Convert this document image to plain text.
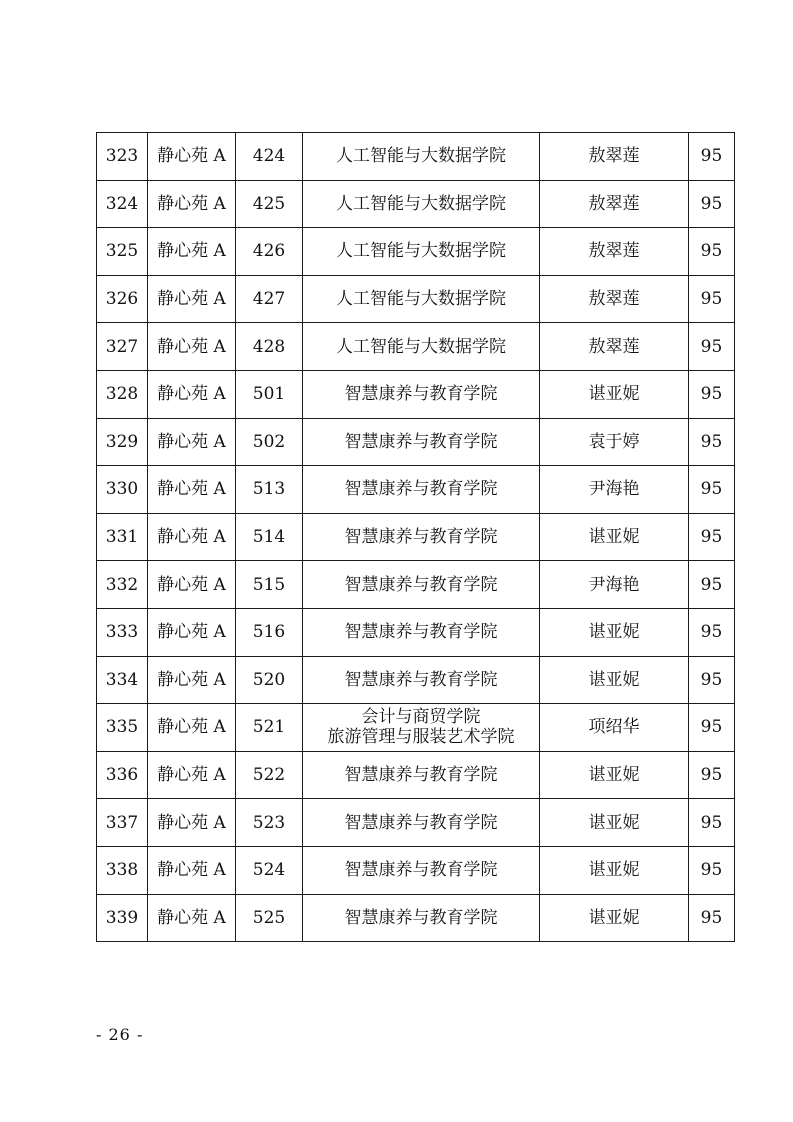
323	静心苑 A	424	人工智能与大数据学院	敖翠莲	95
324	静心苑 A	425	人工智能与大数据学院	敖翠莲	95
325	静心苑 A	426	人工智能与大数据学院	敖翠莲	95
326	静心苑 A	427	人工智能与大数据学院	敖翠莲	95
327	静心苑 A	428	人工智能与大数据学院	敖翠莲	95
328	静心苑 A	501	智慧康养与教育学院	谌亚妮	95
329	静心苑 A	502	智慧康养与教育学院	袁于婷	95
330	静心苑 A	513	智慧康养与教育学院	尹海艳	95
331	静心苑 A	514	智慧康养与教育学院	谌亚妮	95
332	静心苑 A	515	智慧康养与教育学院	尹海艳	95
333	静心苑 A	516	智慧康养与教育学院	谌亚妮	95
334	静心苑 A	520	智慧康养与教育学院	谌亚妮	95
335	静心苑 A	521	会计与商贸学院
旅游管理与服装艺术学院	项绍华	95
336	静心苑 A	522	智慧康养与教育学院	谌亚妮	95
337	静心苑 A	523	智慧康养与教育学院	谌亚妮	95
338	静心苑 A	524	智慧康养与教育学院	谌亚妮	95
339	静心苑 A	525	智慧康养与教育学院	谌亚妮	95
- 26 -
